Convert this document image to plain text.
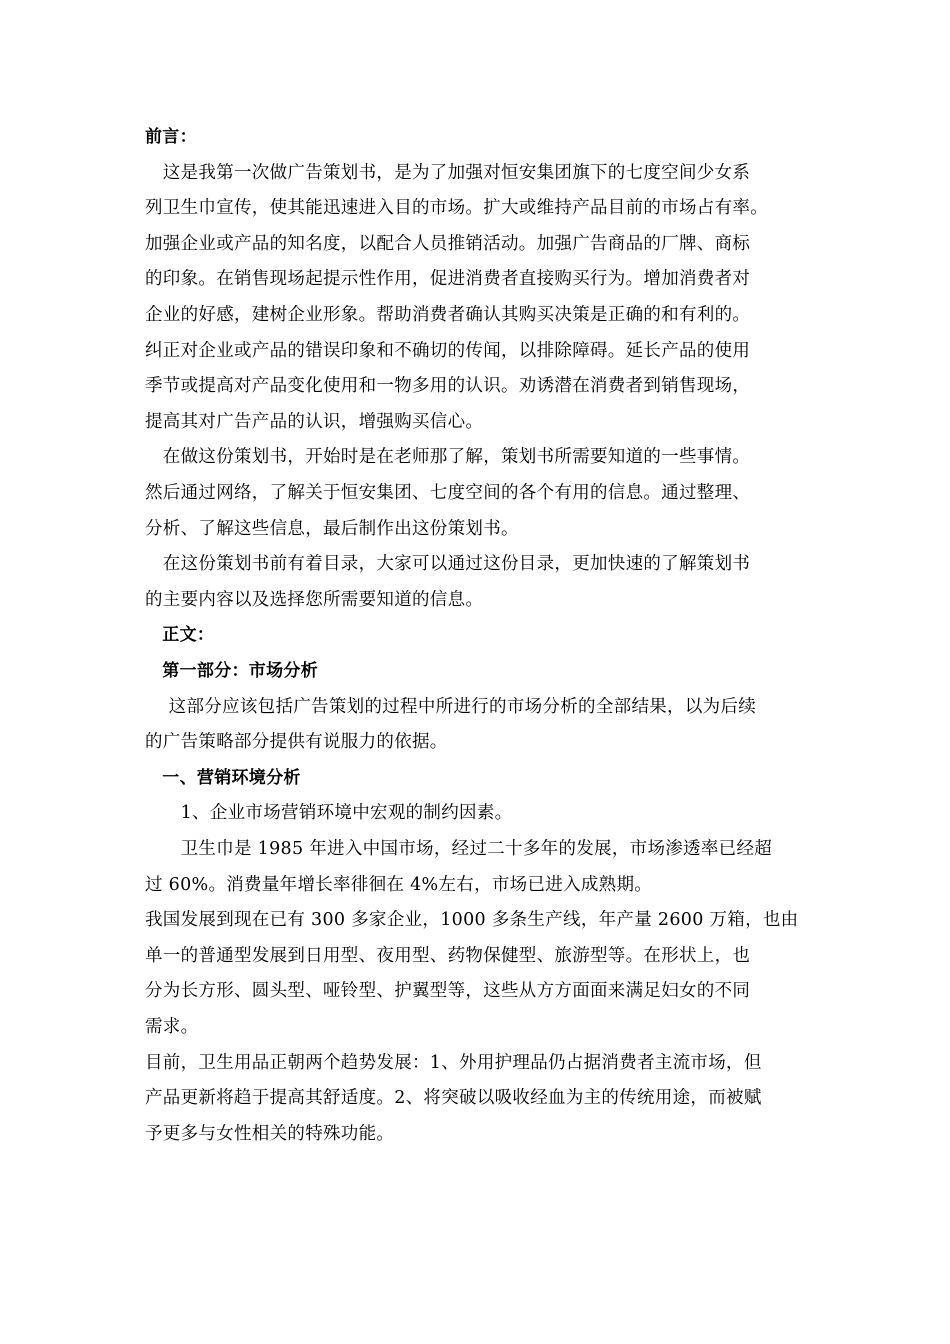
前言：
　这是我第一次做广告策划书，是为了加强对恒安集团旗下的七度空间少女系
列卫生巾宣传，使其能迅速进入目的市场。扩大或维持产品目前的市场占有率。
加强企业或产品的知名度，以配合人员推销活动。加强广告商品的厂牌、商标
的印象。在销售现场起提示性作用，促进消费者直接购买行为。增加消费者对
企业的好感，建树企业形象。帮助消费者确认其购买决策是正确的和有利的。
纠正对企业或产品的错误印象和不确切的传闻，以排除障碍。延长产品的使用
季节或提高对产品变化使用和一物多用的认识。劝诱潜在消费者到销售现场，
提高其对广告产品的认识，增强购买信心。
　在做这份策划书，开始时是在老师那了解，策划书所需要知道的一些事情。
然后通过网络，了解关于恒安集团、七度空间的各个有用的信息。通过整理、
分析、了解这些信息，最后制作出这份策划书。
　在这份策划书前有着目录，大家可以通过这份目录，更加快速的了解策划书
的主要内容以及选择您所需要知道的信息。
　正文：
　第一部分：市场分析
　 这部分应该包括广告策划的过程中所进行的市场分析的全部结果，以为后续
的广告策略部分提供有说服力的依据。
　一、营销环境分析
　　1、企业市场营销环境中宏观的制约因素。
　　卫生巾是 1985 年进入中国市场，经过二十多年的发展，市场渗透率已经超
过 60%。消费量年增长率徘徊在 4%左右，市场已进入成熟期。
我国发展到现在已有 300 多家企业，1000 多条生产线，年产量 2600 万箱，也由
单一的普通型发展到日用型、夜用型、药物保健型、旅游型等。在形状上，也
分为长方形、圆头型、哑铃型、护翼型等，这些从方方面面来满足妇女的不同
需求。
目前，卫生用品正朝两个趋势发展：1、外用护理品仍占据消费者主流市场，但
产品更新将趋于提高其舒适度。2、将突破以吸收经血为主的传统用途，而被赋
予更多与女性相关的特殊功能。
